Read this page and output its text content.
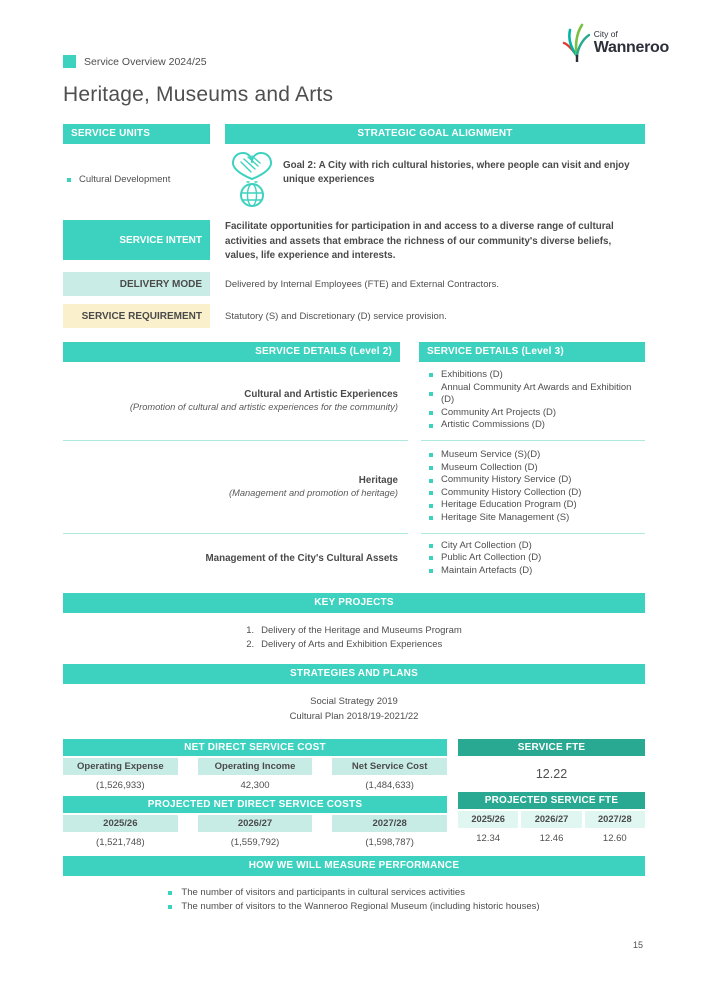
City of
Wanneroo
Service Overview 2024/25
Heritage, Museums and Arts
SERVICE UNITS	STRATEGIC GOAL ALIGNMENT
Cultural Development
Goal 2: A City with rich cultural histories, where people can visit and enjoy unique experiences
SERVICE INTENT
Facilitate opportunities for participation in and access to a diverse range of cultural activities and assets that embrace the richness of our community's diverse beliefs, values, life experience and interests.
DELIVERY MODE	Delivered by Internal Employees (FTE) and External Contractors.
SERVICE REQUIREMENT	Statutory (S) and Discretionary (D) service provision.
SERVICE DETAILS (Level 2)	SERVICE DETAILS (Level 3)
Cultural and Artistic Experiences
(Promotion of cultural and artistic experiences for the community)
Exhibitions (D)
Annual Community Art Awards and Exhibition (D)
Community Art Projects (D)
Artistic Commissions (D)
Heritage
(Management and promotion of heritage)
Museum Service (S)(D)
Museum Collection (D)
Community History Service (D)
Community History Collection (D)
Heritage Education Program (D)
Heritage Site Management (S)
Management of the City's Cultural Assets
City Art Collection (D)
Public Art Collection (D)
Maintain Artefacts (D)
KEY PROJECTS
Delivery of the Heritage and Museums Program
Delivery of Arts and Exhibition Experiences
STRATEGIES AND PLANS
Social Strategy 2019
Cultural Plan 2018/19-2021/22
NET DIRECT SERVICE COST
Operating Expense	Operating Income	Net Service Cost
(1,526,933)	42,300	(1,484,633)
PROJECTED NET DIRECT SERVICE COSTS
2025/26	2026/27	2027/28
(1,521,748)	(1,559,792)	(1,598,787)
SERVICE FTE
12.22
PROJECTED SERVICE FTE
2025/26	2026/27	2027/28
12.34	12.46	12.60
HOW WE WILL MEASURE PERFORMANCE
The number of visitors and participants in cultural services activities
The number of visitors to the Wanneroo Regional Museum (including historic houses)
15
